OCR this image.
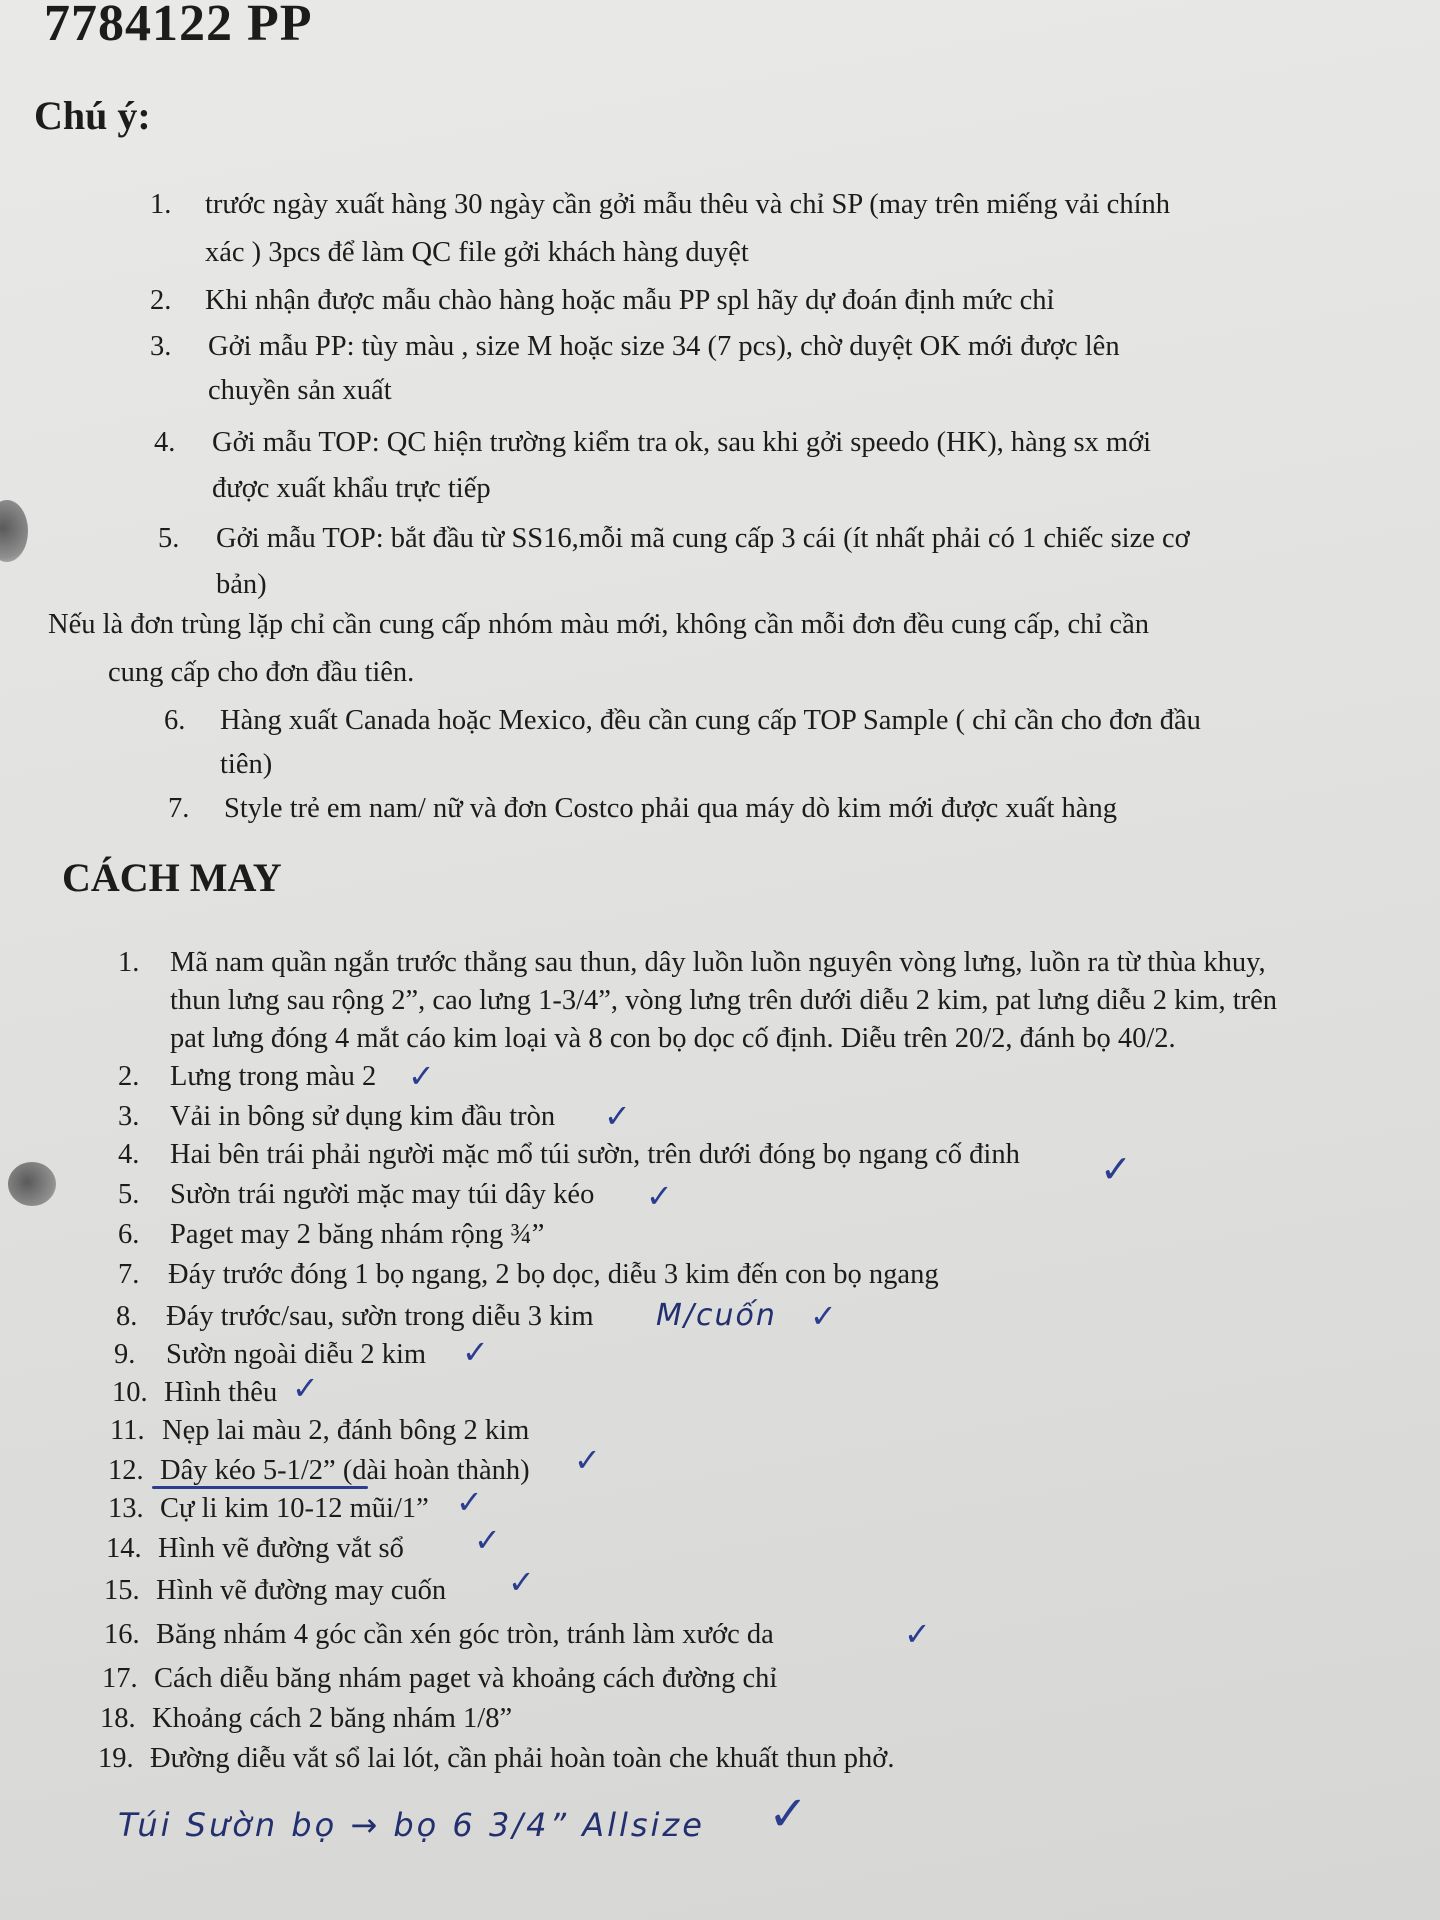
7784122 PP
Chú ý:
1. trước ngày xuất hàng 30 ngày cần gởi mẫu thêu và chỉ SP (may trên miếng vải chính
xác ) 3pcs để làm QC file gởi khách hàng duyệt
2. Khi nhận được mẫu chào hàng hoặc mẫu PP spl hãy dự đoán định mức chỉ
3. Gởi mẫu PP: tùy màu , size M hoặc size 34 (7 pcs), chờ duyệt OK mới được lên
chuyền sản xuất
4. Gởi mẫu TOP: QC hiện trường kiểm tra ok, sau khi gởi speedo (HK), hàng sx mới
được xuất khẩu trực tiếp
5. Gởi mẫu TOP: bắt đầu từ SS16,mỗi mã cung cấp 3 cái (ít nhất phải có 1 chiếc size cơ
bản)

Nếu là đơn trùng lặp chỉ cần cung cấp nhóm màu mới, không cần mỗi đơn đều cung cấp, chỉ cần

cung cấp cho đơn đầu tiên.

6. Hàng xuất Canada hoặc Mexico, đều cần cung cấp TOP Sample ( chỉ cần cho đơn đầu
tiên)
7. Style trẻ em nam/ nữ và đơn Costco phải qua máy dò kim mới được xuất hàng
CÁCH MAY
1. Mã nam quần ngắn trước thẳng sau thun, dây luồn luồn nguyên vòng lưng, luồn ra từ thùa khuy,
thun lưng sau rộng 2”, cao lưng 1-3/4”, vòng lưng trên dưới diễu 2 kim, pat lưng diễu 2 kim, trên
pat lưng đóng 4 mắt cáo kim loại và 8 con bọ dọc cố định. Diễu trên 20/2, đánh bọ 40/2.
2. Lưng trong màu 2
3. Vải in bông sử dụng kim đầu tròn
4. Hai bên trái phải người mặc mổ túi sườn, trên dưới đóng bọ ngang cố đinh
5. Sườn trái người mặc may túi dây kéo
6. Paget may 2 băng nhám rộng ¾”
7. Đáy trước đóng 1 bọ ngang, 2 bọ dọc, diễu 3 kim đến con bọ ngang
8. Đáy trước/sau, sườn trong diễu 3 kim
9. Sườn ngoài diễu 2 kim
10. Hình thêu
11. Nẹp lai màu 2, đánh bông 2 kim
12. Dây kéo 5-1/2” (dài hoàn thành)
13. Cự li kim 10-12 mũi/1”
14. Hình vẽ đường vắt sổ
15. Hình vẽ đường may cuốn
16. Băng nhám 4 góc cần xén góc tròn, tránh làm xước da
17. Cách diễu băng nhám paget và khoảng cách đường chỉ
18. Khoảng cách 2 băng nhám 1/8”
19. Đường diễu vắt sổ lai lót, cần phải hoàn toàn che khuất thun phở.
✓
✓
✓
✓
✓
✓
✓
✓
✓
✓
✓
✓
✓
M/cuốn
Túi Sườn bọ → bọ 6 3/4” Allsize
